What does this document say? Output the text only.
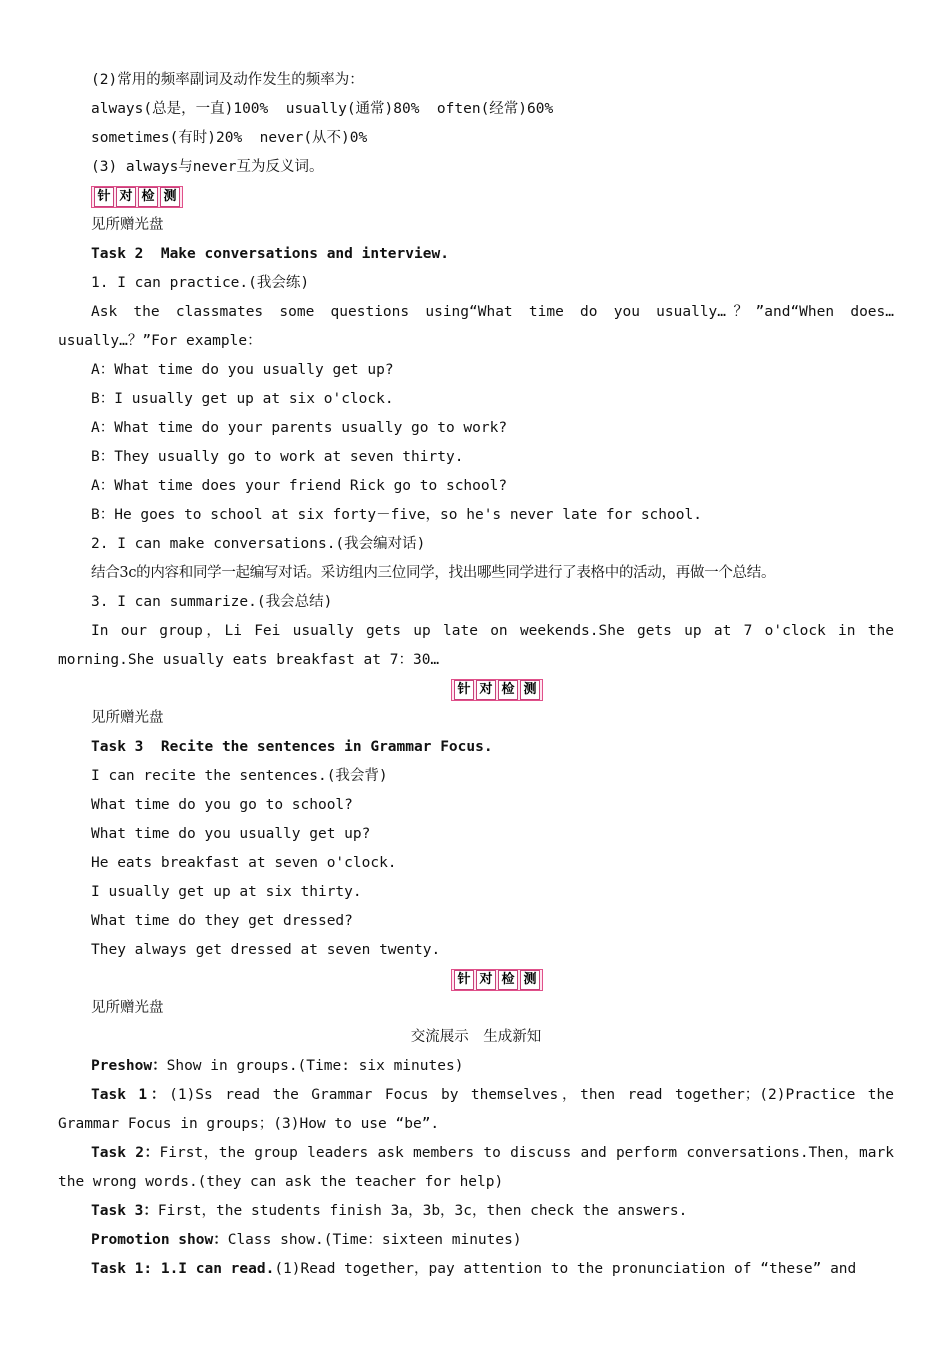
(2)常用的频率副词及动作发生的频率为：

always(总是，一直)100%  usually(通常)80%  often(经常)60%

sometimes(有时)20%  never(从不)0%

(3) always与never互为反义词。

针 对 检 测

见所赠光盘

Task 2  Make conversations and interview.

1. I can practice.(我会练)

Ask the classmates some questions using“What time do you usually…？”and“When does…usually…？”For example：

A：What time do you usually get up?

B：I usually get up at six o'clock.

A：What time do your parents usually go to work?

B：They usually go to work at seven thirty.

A：What time does your friend Rick go to school?

B：He goes to school at six forty－five，so he's never late for school.

2. I can make conversations.(我会编对话)

结合3c的内容和同学一起编写对话。采访组内三位同学，找出哪些同学进行了表格中的活动，再做一个总结。

3. I can summarize.(我会总结)

In our group，Li Fei usually gets up late on weekends.She gets up at 7 o'clock in the morning.She usually eats breakfast at 7：30…

针 对 检 测

见所赠光盘

Task 3  Recite the sentences in Grammar Focus.

I can recite the sentences.(我会背)

What time do you go to school?

What time do you usually get up?

He eats breakfast at seven o'clock.

I usually get up at six thirty.

What time do they get dressed?

They always get dressed at seven twenty.

针 对 检 测

见所赠光盘

交流展示　生成新知

Preshow：Show in groups.(Time: six minutes)

Task 1：(1)Ss read the Grammar Focus by themselves，then read together；(2)Practice the Grammar Focus in groups；(3)How to use “be”.

Task 2：First，the group leaders ask members to discuss and perform conversations.Then，mark the wrong words.(they can ask the teacher for help)

Task 3：First，the students finish 3a，3b，3c，then check the answers.

Promotion show：Class show.(Time：sixteen minutes)

Task 1: 1.I can read.(1)Read together，pay attention to the pronunciation of “these” and
